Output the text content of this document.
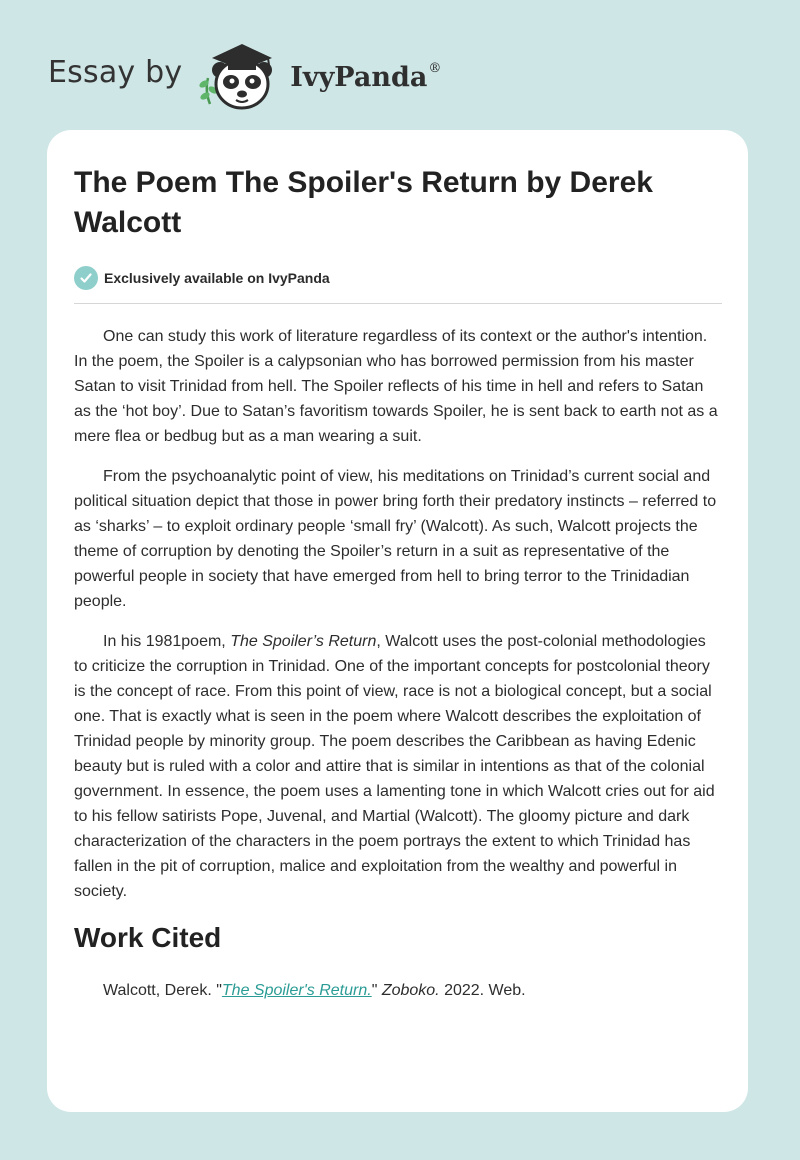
Essay by	IvyPanda®
The Poem The Spoiler's Return by Derek Walcott
Exclusively available on IvyPanda

One can study this work of literature regardless of its context or the author's intention. In the poem, the Spoiler is a calypsonian who has borrowed permission from his master Satan to visit Trinidad from hell. The Spoiler reflects of his time in hell and refers to Satan as the ‘hot boy’. Due to Satan’s favoritism towards Spoiler, he is sent back to earth not as a mere flea or bedbug but as a man wearing a suit.

From the psychoanalytic point of view, his meditations on Trinidad’s current social and political situation depict that those in power bring forth their predatory instincts – referred to as ‘sharks’ – to exploit ordinary people ‘small fry’ (Walcott). As such, Walcott projects the theme of corruption by denoting the Spoiler’s return in a suit as representative of the powerful people in society that have emerged from hell to bring terror to the Trinidadian people.

In his 1981poem, The Spoiler’s Return, Walcott uses the post-colonial methodologies to criticize the corruption in Trinidad. One of the important concepts for postcolonial theory is the concept of race. From this point of view, race is not a biological concept, but a social one. That is exactly what is seen in the poem where Walcott describes the exploitation of Trinidad people by minority group. The poem describes the Caribbean as having Edenic beauty but is ruled with a color and attire that is similar in intentions as that of the colonial government. In essence, the poem uses a lamenting tone in which Walcott cries out for aid to his fellow satirists Pope, Juvenal, and Martial (Walcott). The gloomy picture and dark characterization of the characters in the poem portrays the extent to which Trinidad has fallen in the pit of corruption, malice and exploitation from the wealthy and powerful in society.

Work Cited
Walcott, Derek. "The Spoiler's Return." Zoboko. 2022. Web.
